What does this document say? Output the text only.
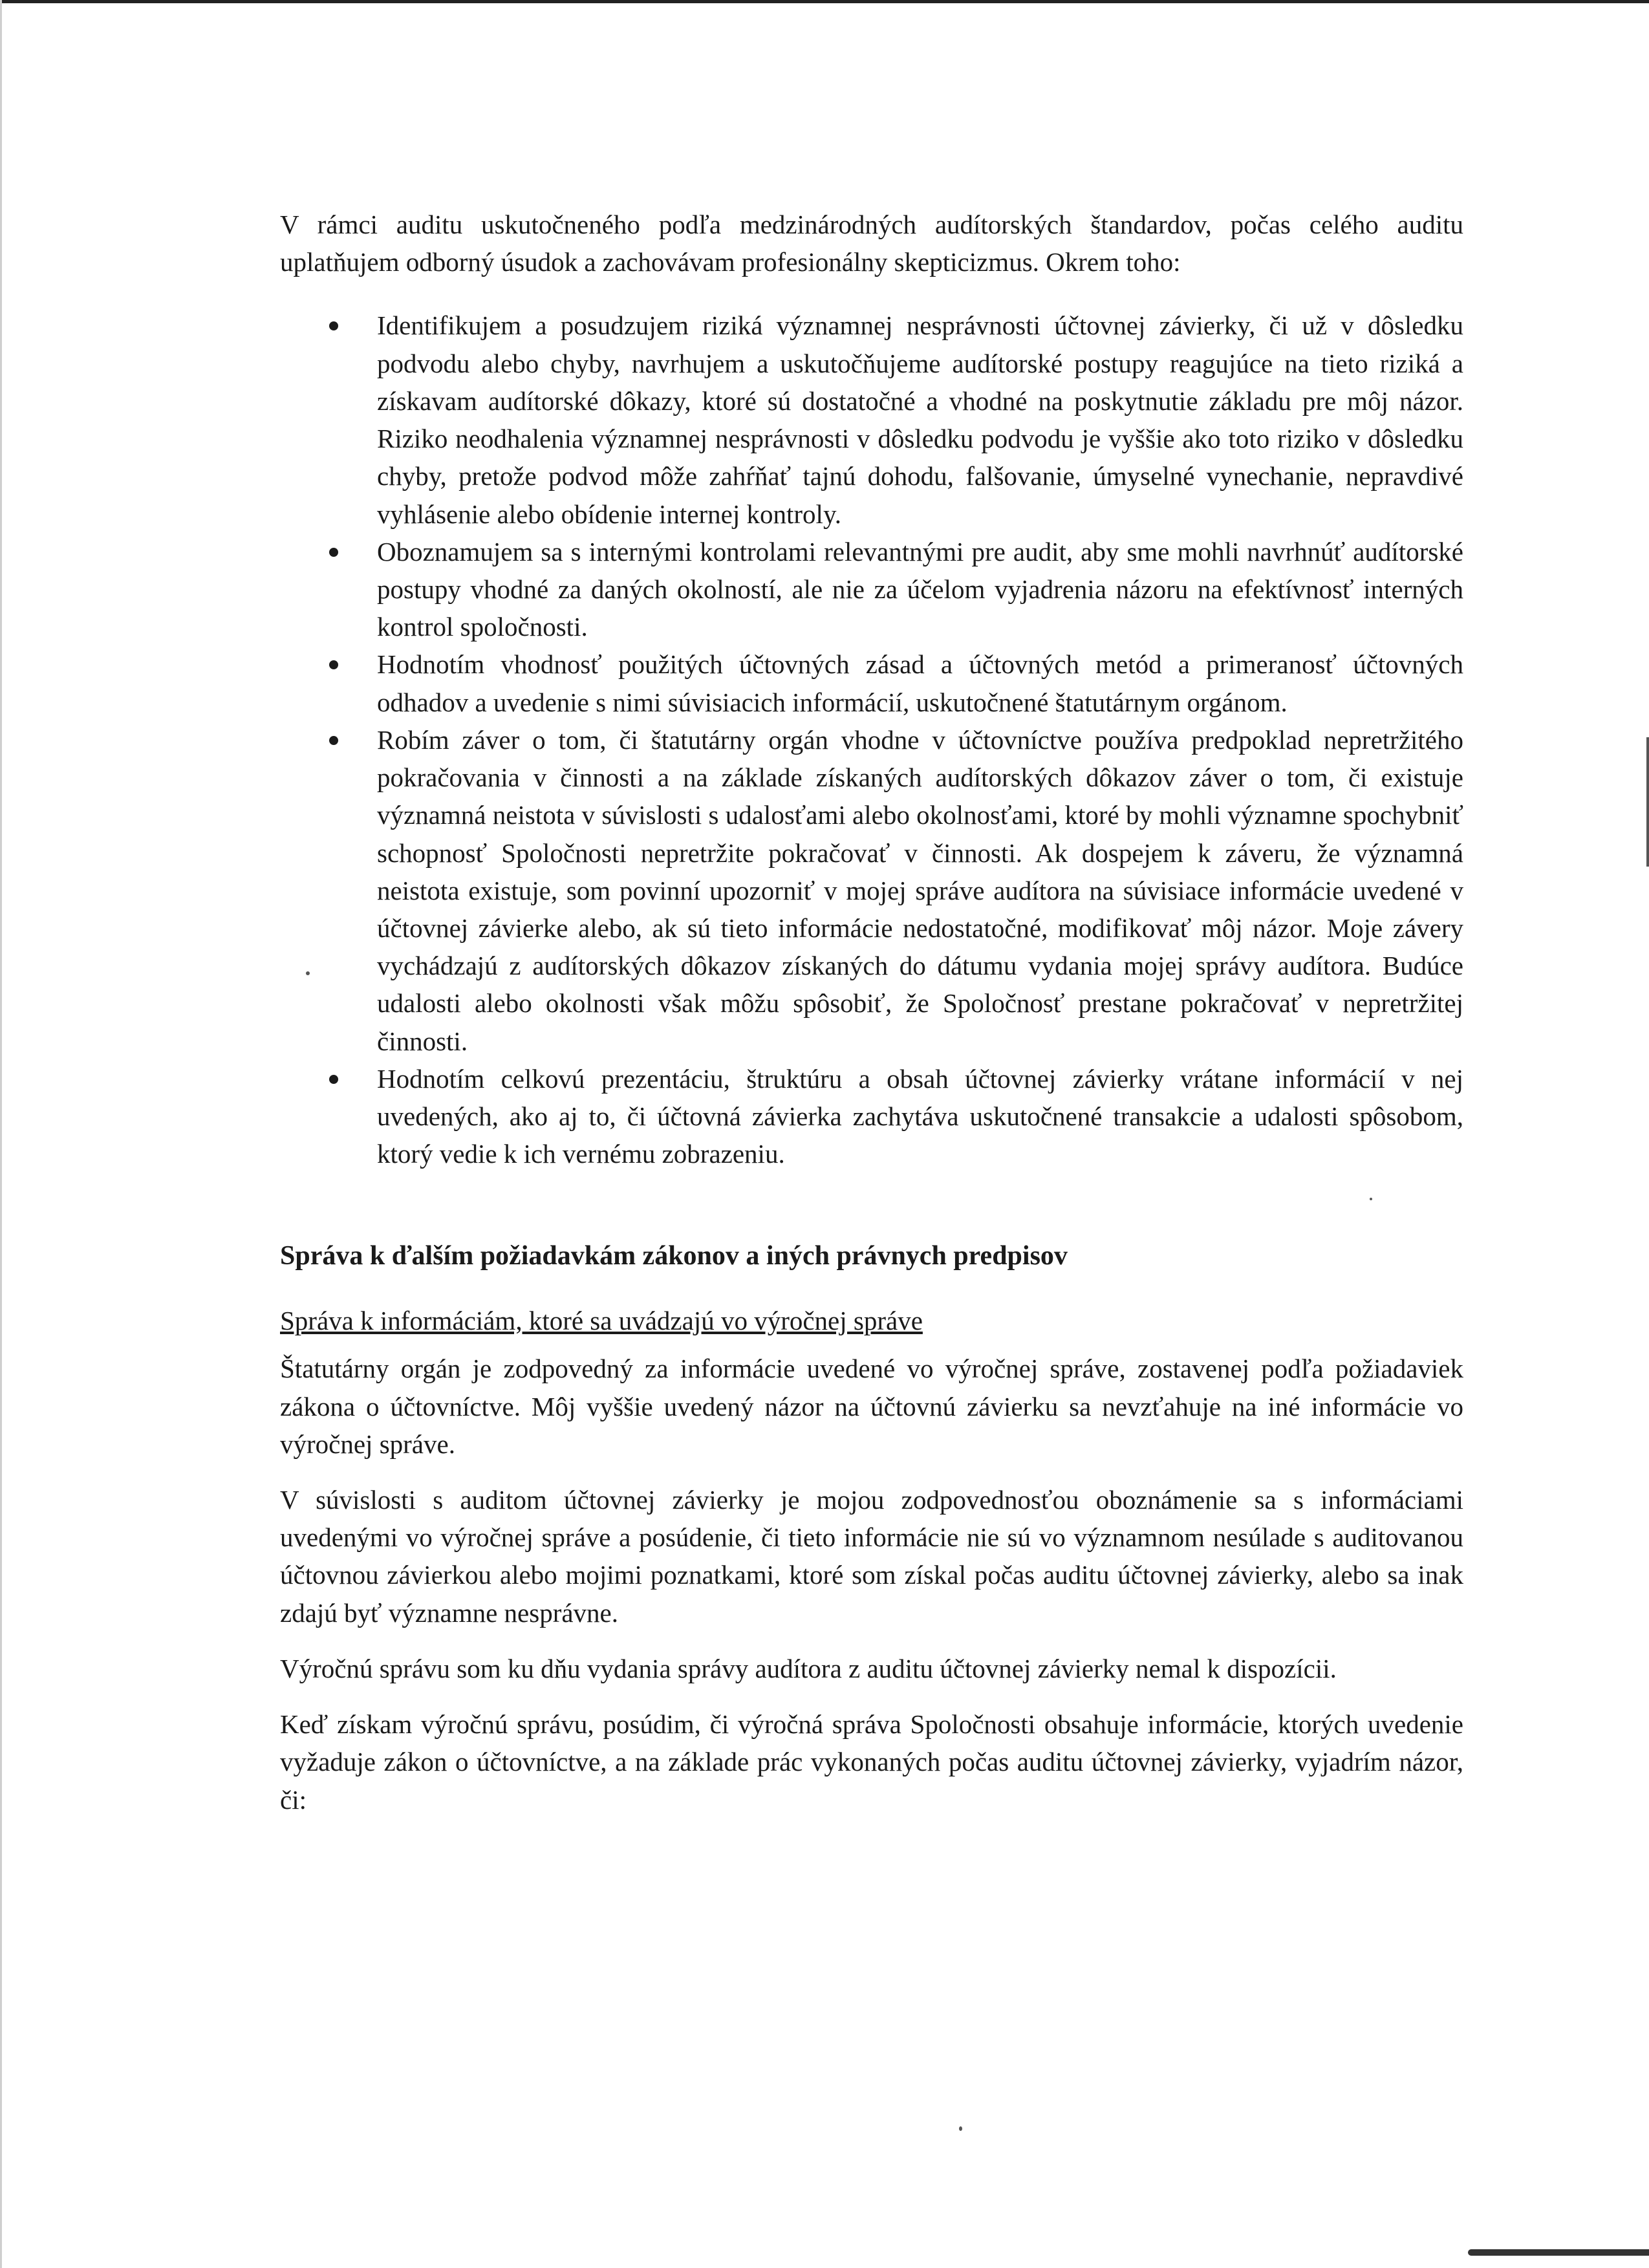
V rámci auditu uskutočneného podľa medzinárodných audítorských štandardov, počas celého auditu uplatňujem odborný úsudok a zachovávam profesionálny skepticizmus. Okrem toho:

Identifikujem a posudzujem riziká významnej nesprávnosti účtovnej závierky, či už v dôsledku podvodu alebo chyby, navrhujem a uskutočňujeme audítorské postupy reagujúce na tieto riziká a získavam audítorské dôkazy, ktoré sú dostatočné a vhodné na poskytnutie základu pre môj názor. Riziko neodhalenia významnej nesprávnosti v dôsledku podvodu je vyššie ako toto riziko v dôsledku chyby, pretože podvod môže zahŕňať tajnú dohodu, falšovanie, úmyselné vynechanie, nepravdivé vyhlásenie alebo obídenie internej kontroly.
Oboznamujem sa s internými kontrolami relevantnými pre audit, aby sme mohli navrhnúť audítorské postupy vhodné za daných okolností, ale nie za účelom vyjadrenia názoru na efektívnosť interných kontrol spoločnosti.
Hodnotím vhodnosť použitých účtovných zásad a účtovných metód a primeranosť účtovných odhadov a uvedenie s nimi súvisiacich informácií, uskutočnené štatutárnym orgánom.
Robím záver o tom, či štatutárny orgán vhodne v účtovníctve používa predpoklad nepretržitého pokračovania v činnosti a na základe získaných audítorských dôkazov záver o tom, či existuje významná neistota v súvislosti s udalosťami alebo okolnosťami, ktoré by mohli významne spochybniť schopnosť Spoločnosti nepretržite pokračovať v činnosti. Ak dospejem k záveru, že významná neistota existuje, som povinní upozorniť v mojej správe audítora na súvisiace informácie uvedené v účtovnej závierke alebo, ak sú tieto informácie nedostatočné, modifikovať môj názor. Moje závery vychádzajú z audítorských dôkazov získaných do dátumu vydania mojej správy audítora. Budúce udalosti alebo okolnosti však môžu spôsobiť, že Spoločnosť prestane pokračovať v nepretržitej činnosti.
Hodnotím celkovú prezentáciu, štruktúru a obsah účtovnej závierky vrátane informácií v nej uvedených, ako aj to, či účtovná závierka zachytáva uskutočnené transakcie a udalosti spôsobom, ktorý vedie k ich vernému zobrazeniu.
Správa k ďalším požiadavkám zákonov a iných právnych predpisov

Správa k informáciám, ktoré sa uvádzajú vo výročnej správe

Štatutárny orgán je zodpovedný za informácie uvedené vo výročnej správe, zostavenej podľa požiadaviek zákona o účtovníctve. Môj vyššie uvedený názor na účtovnú závierku sa nevzťahuje na iné informácie vo výročnej správe.

V súvislosti s auditom účtovnej závierky je mojou zodpovednosťou oboznámenie sa s informáciami uvedenými vo výročnej správe a posúdenie, či tieto informácie nie sú vo významnom nesúlade s auditovanou účtovnou závierkou alebo mojimi poznatkami, ktoré som získal počas auditu účtovnej závierky, alebo sa inak zdajú byť významne nesprávne.

Výročnú správu som ku dňu vydania správy audítora z auditu účtovnej závierky nemal k dispozícii.

Keď získam výročnú správu, posúdim, či výročná správa Spoločnosti obsahuje informácie, ktorých uvedenie vyžaduje zákon o účtovníctve, a na základe prác vykonaných počas auditu účtovnej závierky, vyjadrím názor, či:
